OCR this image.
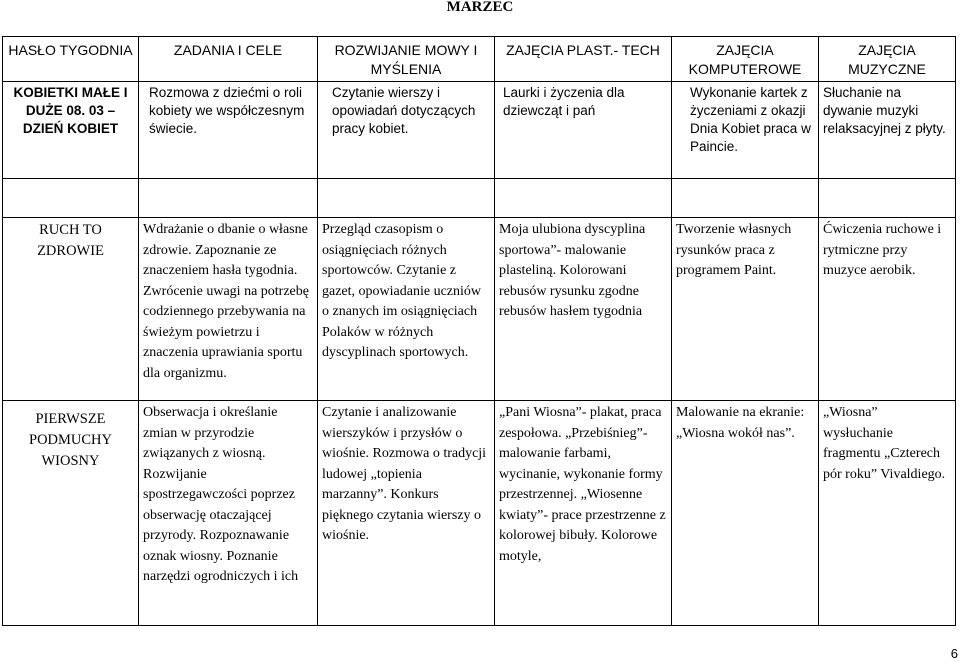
MARZEC
HASŁO TYGODNIA	ZADANIA I CELE	ROZWIJANIE MOWY I MYŚLENIA	ZAJĘCIA PLAST.- TECH	ZAJĘCIA KOMPUTEROWE	ZAJĘCIA MUZYCZNE
KOBIETKI MAŁE I DUŻE 08. 03 – DZIEŃ KOBIET	Rozmowa z dziećmi o roli kobiety we współczesnym świecie.	Czytanie wierszy i opowiadań dotyczących pracy kobiet.	Laurki i życzenia dla dziewcząt i pań	Wykonanie kartek z życzeniami z okazji Dnia Kobiet praca w Paincie.	Słuchanie na dywanie muzyki relaksacyjnej z płyty.

RUCH TO ZDROWIE	Wdrażanie o dbanie o własne zdrowie. Zapoznanie ze znaczeniem hasła tygodnia. Zwrócenie uwagi na potrzebę codziennego przebywania na świeżym powietrzu i znaczenia uprawiania sportu dla organizmu.	Przegląd czasopism o osiągnięciach różnych sportowców. Czytanie z gazet, opowiadanie uczniów o znanych im osiągnięciach Polaków w różnych dyscyplinach sportowych.	Moja ulubiona dyscyplina sportowa”- malowanie plasteliną. Kolorowani rebusów rysunku zgodne rebusów hasłem tygodnia	Tworzenie własnych rysunków praca z programem Paint.	Ćwiczenia ruchowe i rytmiczne przy muzyce aerobik.
PIERWSZE PODMUCHY WIOSNY	Obserwacja i określanie zmian w przyrodzie związanych z wiosną. Rozwijanie spostrzegawczości poprzez obserwację otaczającej przyrody. Rozpoznawanie oznak wiosny. Poznanie narzędzi ogrodniczych i ich	Czytanie i analizowanie wierszyków i przysłów o wiośnie. Rozmowa o tradycji ludowej „topienia marzanny”. Konkurs pięknego czytania wierszy o wiośnie.	„Pani Wiosna”- plakat, praca zespołowa. „Przebiśnieg”- malowanie farbami, wycinanie, wykonanie formy przestrzennej. „Wiosenne kwiaty”- prace przestrzenne z kolorowej bibuły. Kolorowe motyle,	Malowanie na ekranie: „Wiosna wokół nas”.	„Wiosna” wysłuchanie fragmentu „Czterech pór roku” Vivaldiego.
6
